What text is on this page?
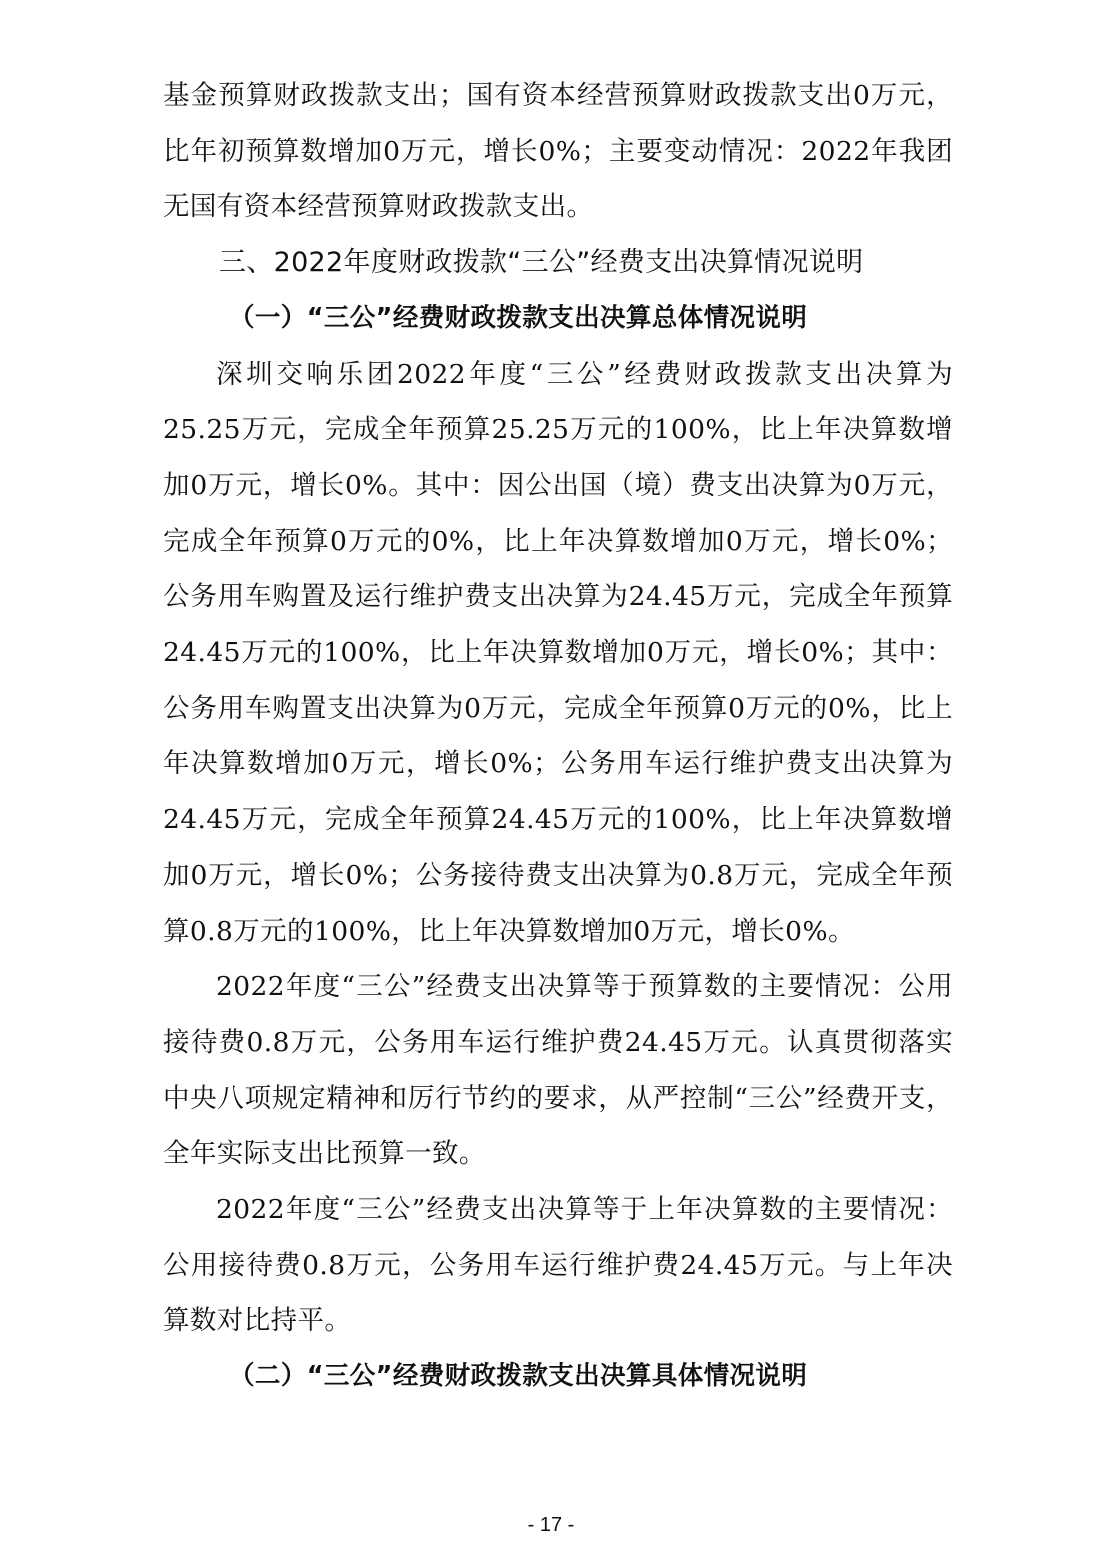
基金预算财政拨款支出；国有资本经营预算财政拨款支出0万元，比年初预算数增加0万元，增长0%；主要变动情况：2022年我团无国有资本经营预算财政拨款支出。

三、2022年度财政拨款“三公”经费支出决算情况说明

（一）“三公”经费财政拨款支出决算总体情况说明

深圳交响乐团2022年度“三公”经费财政拨款支出决算为25.25万元，完成全年预算25.25万元的100%，比上年决算数增加0万元，增长0%。其中：因公出国（境）费支出决算为0万元，完成全年预算0万元的0%，比上年决算数增加0万元，增长0%；公务用车购置及运行维护费支出决算为24.45万元，完成全年预算24.45万元的100%，比上年决算数增加0万元，增长0%；其中：公务用车购置支出决算为0万元，完成全年预算0万元的0%，比上年决算数增加0万元，增长0%；公务用车运行维护费支出决算为24.45万元，完成全年预算24.45万元的100%，比上年决算数增加0万元，增长0%；公务接待费支出决算为0.8万元，完成全年预算0.8万元的100%，比上年决算数增加0万元，增长0%。

2022年度“三公”经费支出决算等于预算数的主要情况：公用接待费0.8万元，公务用车运行维护费24.45万元。认真贯彻落实中央八项规定精神和厉行节约的要求，从严控制“三公”经费开支，全年实际支出比预算一致。

2022年度“三公”经费支出决算等于上年决算数的主要情况：公用接待费0.8万元，公务用车运行维护费24.45万元。与上年决算数对比持平。

（二）“三公”经费财政拨款支出决算具体情况说明

- 17 -
